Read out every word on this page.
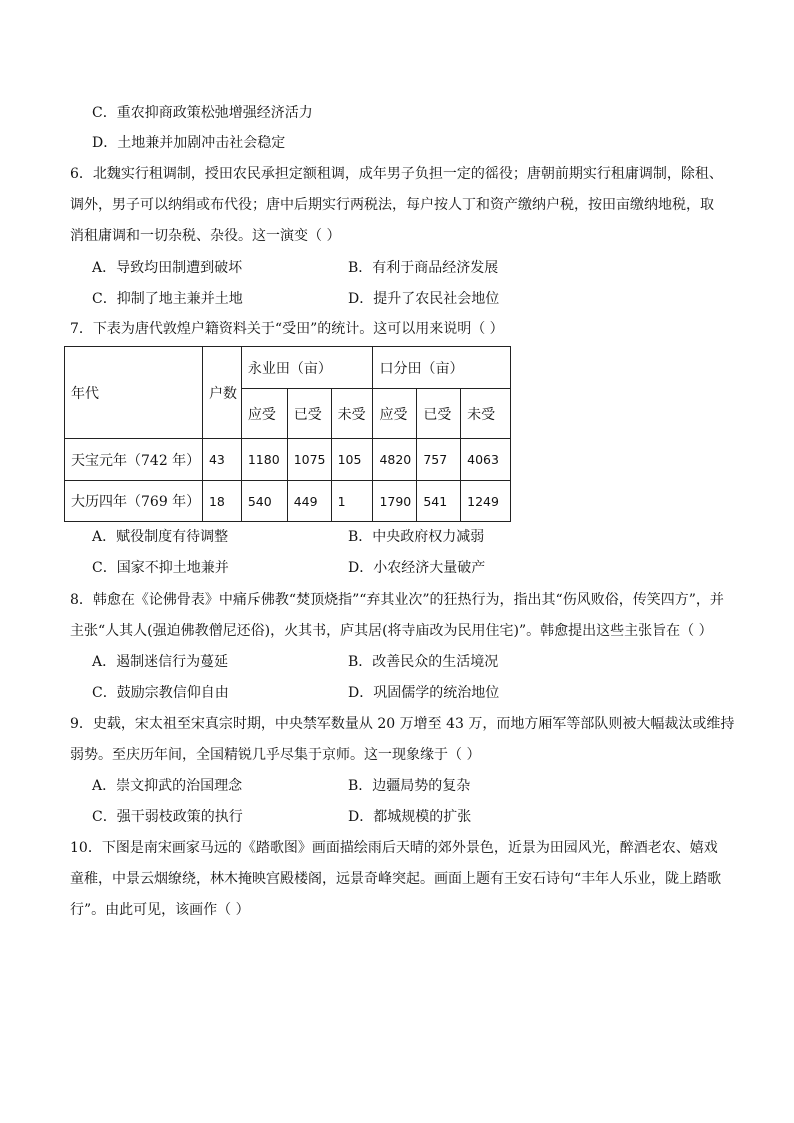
C．重农抑商政策松弛增强经济活力
D．土地兼并加剧冲击社会稳定
6．北魏实行租调制，授田农民承担定额租调，成年男子负担一定的徭役；唐朝前期实行租庸调制，除租、
调外，男子可以纳绢或布代役；唐中后期实行两税法，每户按人丁和资产缴纳户税，按田亩缴纳地税，取
消租庸调和一切杂税、杂役。这一演变（ ）
A．导致均田制遭到破坏	B．有利于商品经济发展
C．抑制了地主兼并土地	D．提升了农民社会地位
7．下表为唐代敦煌户籍资料关于“受田”的统计。这可以用来说明（ ）
年代	户数	永业田（亩）			口分田（亩）		
		应受	已受	未受	应受	已受	未受
天宝元年（742 年）	43	1180	1075	105	4820	757	4063
大历四年（769 年）	18	540	449	1	1790	541	1249
A．赋役制度有待调整	B．中央政府权力减弱
C．国家不抑土地兼并	D．小农经济大量破产
8．韩愈在《论佛骨表》中痛斥佛教“焚顶烧指”“弃其业次”的狂热行为，指出其“伤风败俗，传笑四方”，并
主张“人其人(强迫佛教僧尼还俗)，火其书，庐其居(将寺庙改为民用住宅)”。韩愈提出这些主张旨在（ ）
A．遏制迷信行为蔓延	B．改善民众的生活境况
C．鼓励宗教信仰自由	D．巩固儒学的统治地位
9．史载，宋太祖至宋真宗时期，中央禁军数量从 20 万增至 43 万，而地方厢军等部队则被大幅裁汰或维持
弱势。至庆历年间，全国精锐几乎尽集于京师。这一现象缘于（ ）
A．崇文抑武的治国理念	B．边疆局势的复杂
C．强干弱枝政策的执行	D．都城规模的扩张
10．下图是南宋画家马远的《踏歌图》画面描绘雨后天晴的郊外景色，近景为田园风光，醉酒老农、嬉戏
童稚，中景云烟缭绕，林木掩映宫殿楼阁，远景奇峰突起。画面上题有王安石诗句“丰年人乐业，陇上踏歌
行”。由此可见，该画作（ ）
